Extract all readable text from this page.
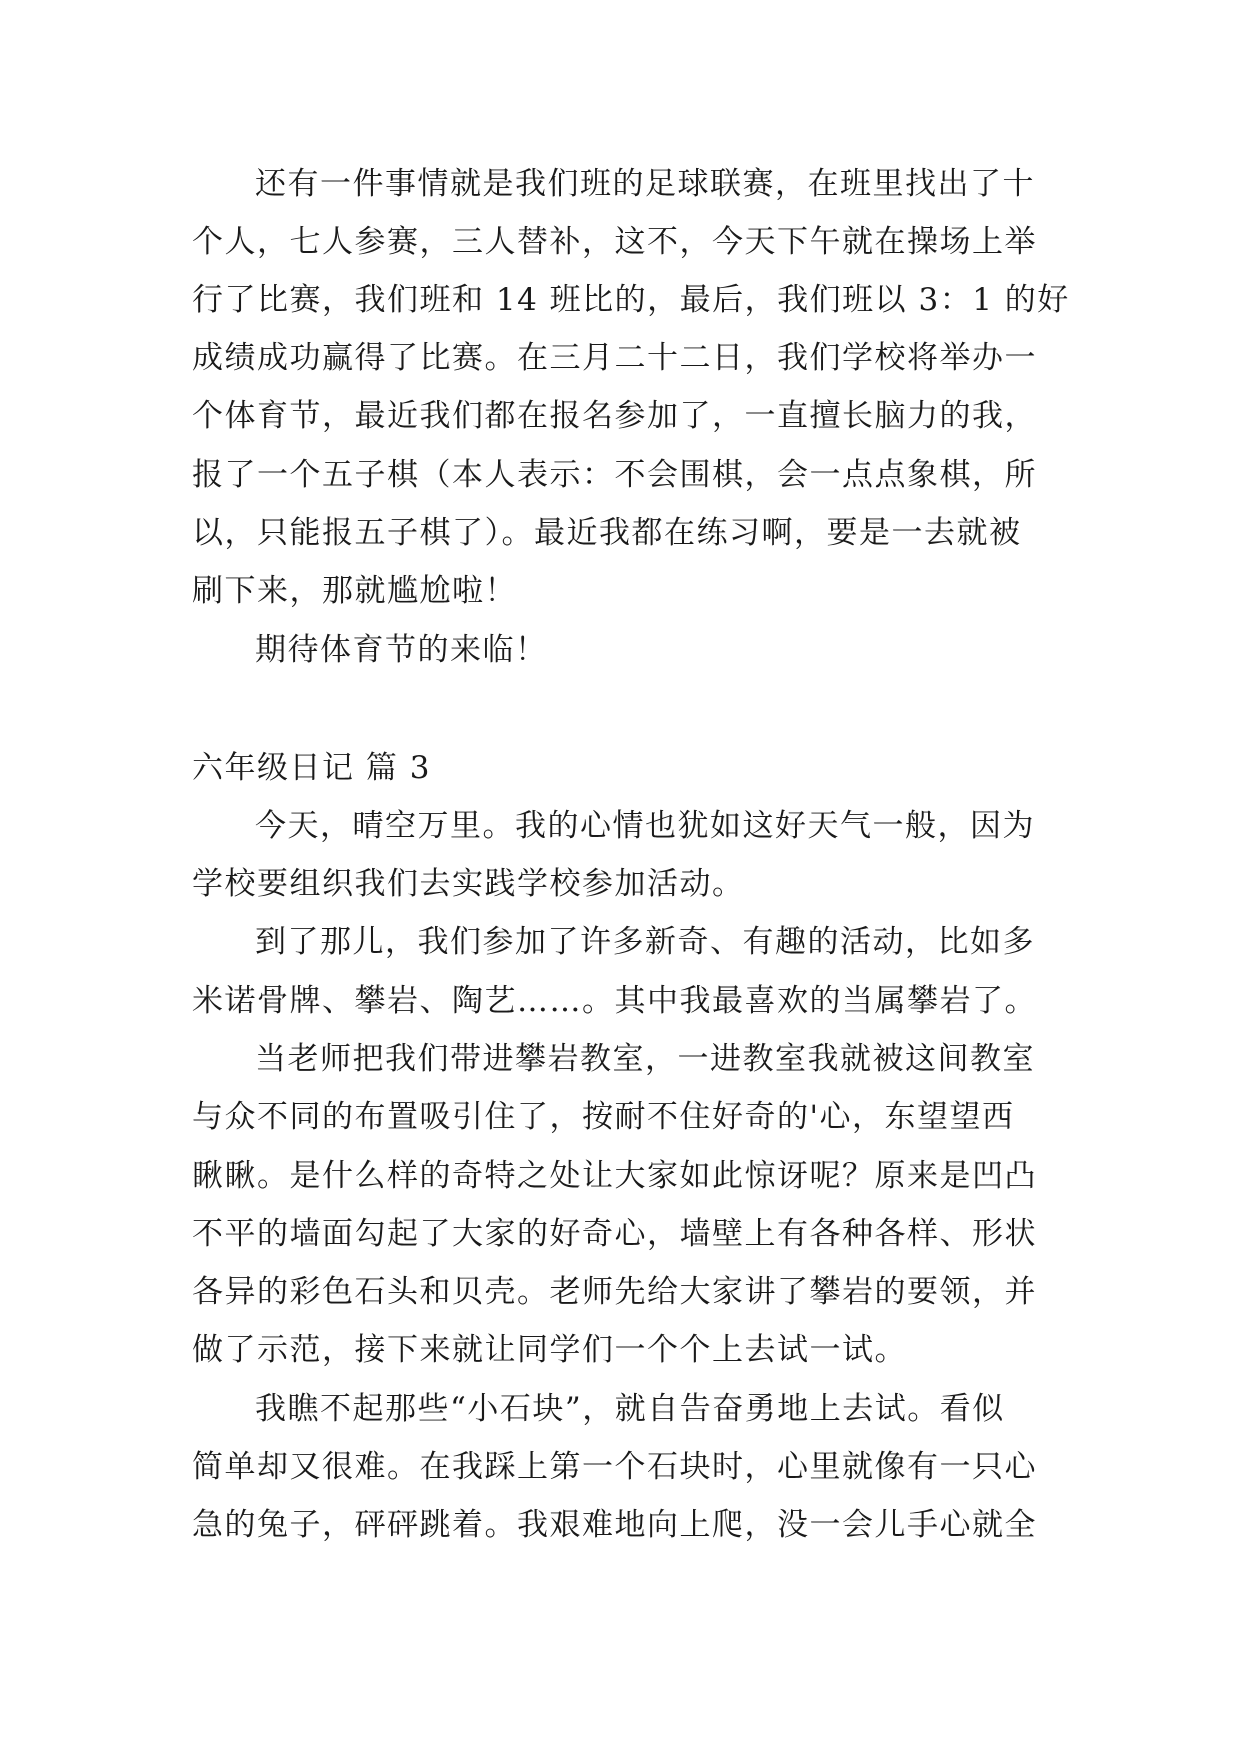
还有一件事情就是我们班的足球联赛，在班里找出了十
个人，七人参赛，三人替补，这不，今天下午就在操场上举
行了比赛，我们班和 14 班比的，最后，我们班以 3：1 的好
成绩成功赢得了比赛。在三月二十二日，我们学校将举办一
个体育节，最近我们都在报名参加了，一直擅长脑力的我，
报了一个五子棋（本人表示：不会围棋，会一点点象棋，所
以，只能报五子棋了）。最近我都在练习啊，要是一去就被
刷下来，那就尴尬啦！
期待体育节的来临！
六年级日记 篇 3
今天，晴空万里。我的心情也犹如这好天气一般，因为
学校要组织我们去实践学校参加活动。
到了那儿，我们参加了许多新奇、有趣的活动，比如多
米诺骨牌、攀岩、陶艺……。其中我最喜欢的当属攀岩了。
当老师把我们带进攀岩教室，一进教室我就被这间教室
与众不同的布置吸引住了，按耐不住好奇的'心，东望望西
瞅瞅。是什么样的奇特之处让大家如此惊讶呢？原来是凹凸
不平的墙面勾起了大家的好奇心，墙壁上有各种各样、形状
各异的彩色石头和贝壳。老师先给大家讲了攀岩的要领，并
做了示范，接下来就让同学们一个个上去试一试。
我瞧不起那些“小石块”，就自告奋勇地上去试。看似
简单却又很难。在我踩上第一个石块时，心里就像有一只心
急的兔子，砰砰跳着。我艰难地向上爬，没一会儿手心就全
